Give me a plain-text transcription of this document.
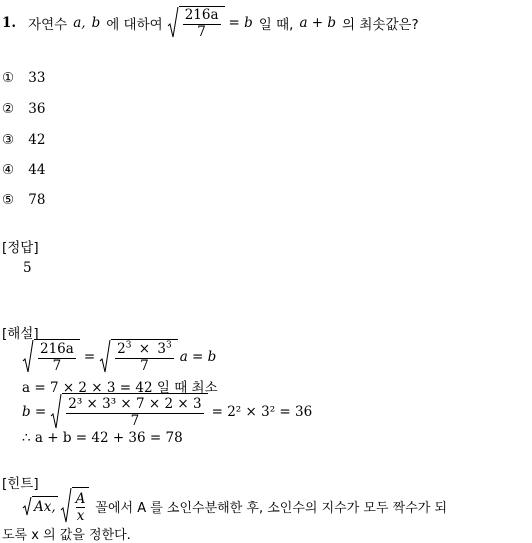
1. 자연수 a, b 에 대하여 $\frac{216a}{7} = b$ 일 때, a + b 의 최솟값은?
① 33
② 36
③ 42
④ 44
⑤ 78
[정답]
5
[해설]
$\frac{216a}{7} = \frac{2^3 \times 3^3}{7}$ a = b
a = 7 × 2 × 3 = 42 일 때 최소
$b = \frac{\text{2³ × 3³ × 7 × 2 × 3}}{7} = 2^2 \times 3^2 = 36$
∴ a + b = 42 + 36 = 78
[힌트]
Ax, $\frac{A}{x}$ 꼴에서 A 를 소인수분해한 후, 소인수의 지수가 모두 짝수가 되
도록 x 의 값을 정한다.
